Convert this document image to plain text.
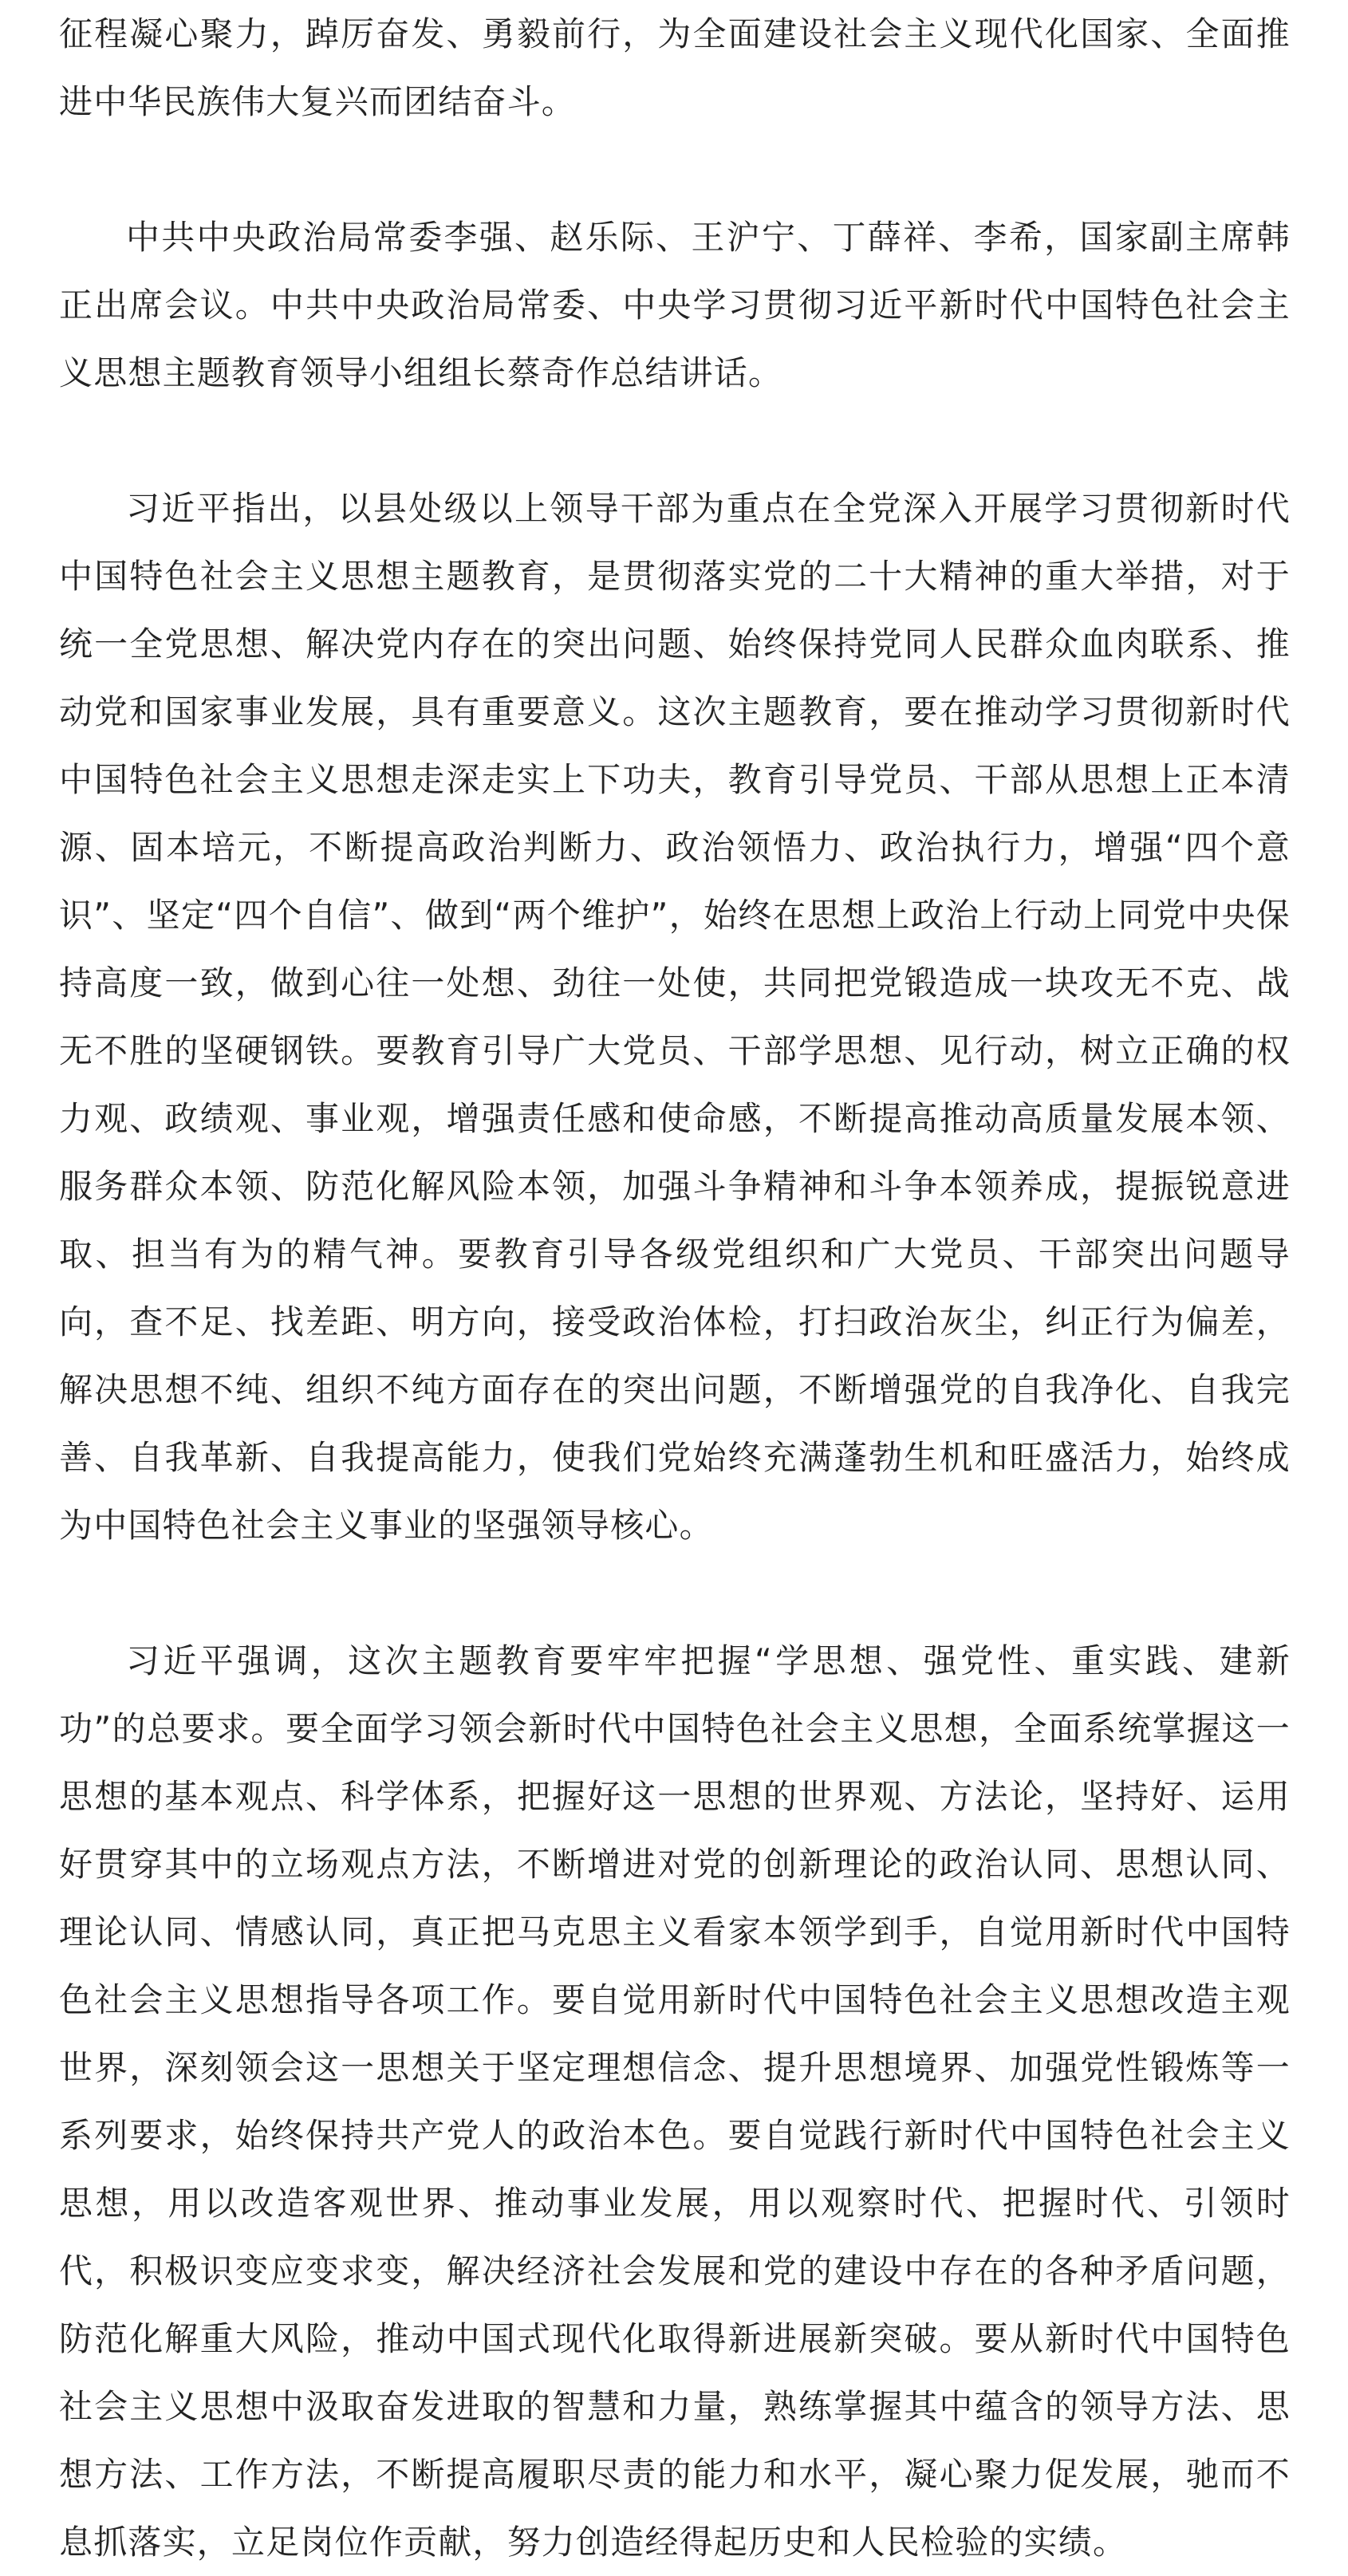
征程凝心聚力，踔厉奋发、勇毅前行，为全面建设社会主义现代化国家、全面推进中华民族伟大复兴而团结奋斗。

中共中央政治局常委李强、赵乐际、王沪宁、丁薛祥、李希，国家副主席韩正出席会议。中共中央政治局常委、中央学习贯彻习近平新时代中国特色社会主义思想主题教育领导小组组长蔡奇作总结讲话。

习近平指出，以县处级以上领导干部为重点在全党深入开展学习贯彻新时代中国特色社会主义思想主题教育，是贯彻落实党的二十大精神的重大举措，对于统一全党思想、解决党内存在的突出问题、始终保持党同人民群众血肉联系、推动党和国家事业发展，具有重要意义。这次主题教育，要在推动学习贯彻新时代中国特色社会主义思想走深走实上下功夫，教育引导党员、干部从思想上正本清源、固本培元，不断提高政治判断力、政治领悟力、政治执行力，增强“四个意识”、坚定“四个自信”、做到“两个维护”，始终在思想上政治上行动上同党中央保持高度一致，做到心往一处想、劲往一处使，共同把党锻造成一块攻无不克、战无不胜的坚硬钢铁。要教育引导广大党员、干部学思想、见行动，树立正确的权力观、政绩观、事业观，增强责任感和使命感，不断提高推动高质量发展本领、服务群众本领、防范化解风险本领，加强斗争精神和斗争本领养成，提振锐意进取、担当有为的精气神。要教育引导各级党组织和广大党员、干部突出问题导向，查不足、找差距、明方向，接受政治体检，打扫政治灰尘，纠正行为偏差，解决思想不纯、组织不纯方面存在的突出问题，不断增强党的自我净化、自我完善、自我革新、自我提高能力，使我们党始终充满蓬勃生机和旺盛活力，始终成为中国特色社会主义事业的坚强领导核心。

习近平强调，这次主题教育要牢牢把握“学思想、强党性、重实践、建新功”的总要求。要全面学习领会新时代中国特色社会主义思想，全面系统掌握这一思想的基本观点、科学体系，把握好这一思想的世界观、方法论，坚持好、运用好贯穿其中的立场观点方法，不断增进对党的创新理论的政治认同、思想认同、理论认同、情感认同，真正把马克思主义看家本领学到手，自觉用新时代中国特色社会主义思想指导各项工作。要自觉用新时代中国特色社会主义思想改造主观世界，深刻领会这一思想关于坚定理想信念、提升思想境界、加强党性锻炼等一系列要求，始终保持共产党人的政治本色。要自觉践行新时代中国特色社会主义思想，用以改造客观世界、推动事业发展，用以观察时代、把握时代、引领时代，积极识变应变求变，解决经济社会发展和党的建设中存在的各种矛盾问题，防范化解重大风险，推动中国式现代化取得新进展新突破。要从新时代中国特色社会主义思想中汲取奋发进取的智慧和力量，熟练掌握其中蕴含的领导方法、思想方法、工作方法，不断提高履职尽责的能力和水平，凝心聚力促发展，驰而不息抓落实，立足岗位作贡献，努力创造经得起历史和人民检验的实绩。
